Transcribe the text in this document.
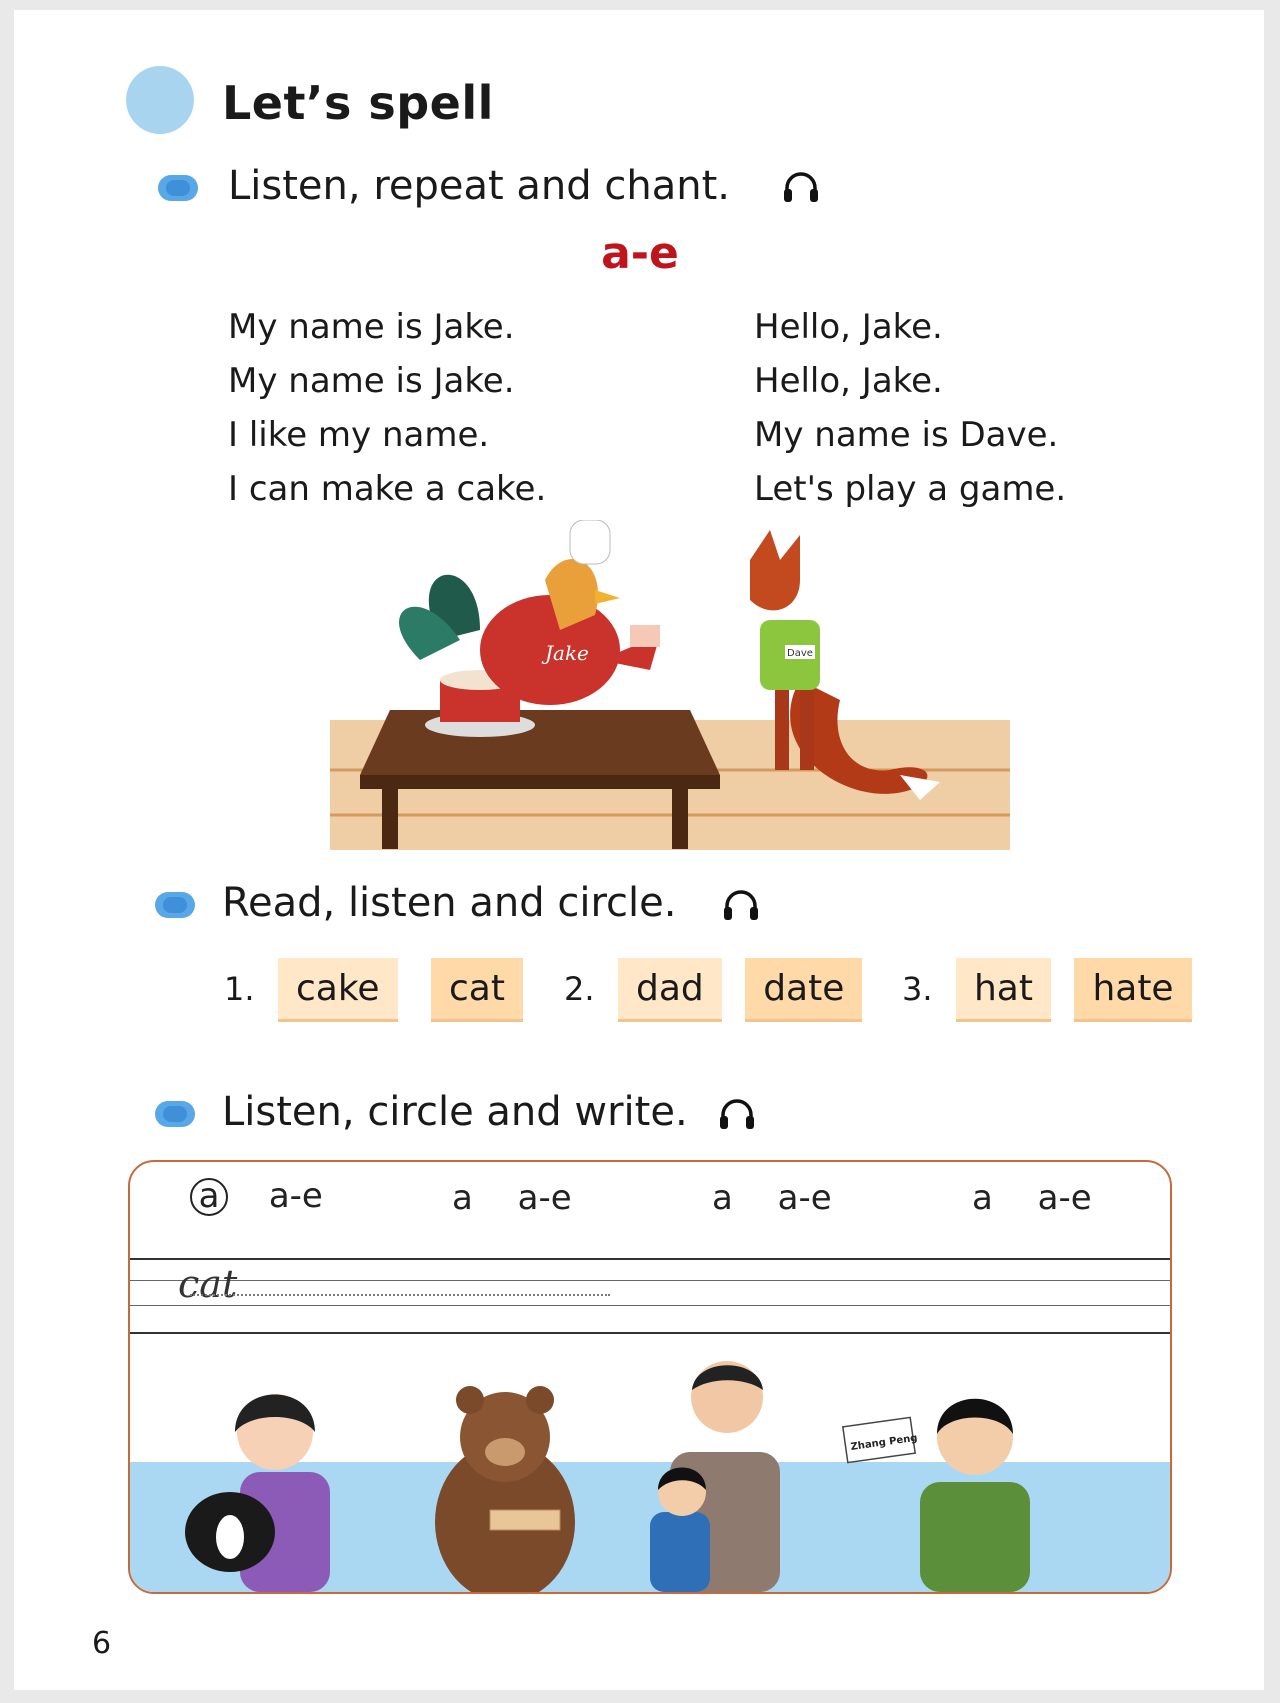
Let’s spell
Listen, repeat and chant.
a-e
My name is Jake.
My name is Jake.
I like my name.
I can make a cake.
Hello, Jake.
Hello, Jake.
My name is Dave.
Let's play a game.
Jake	Dave
Read, listen and circle.
1. cake cat	2. dad date	3. hat hate
Listen, circle and write.
a a-e	a a-e	a a-e	a a-e
cat
Zhang Peng
6
